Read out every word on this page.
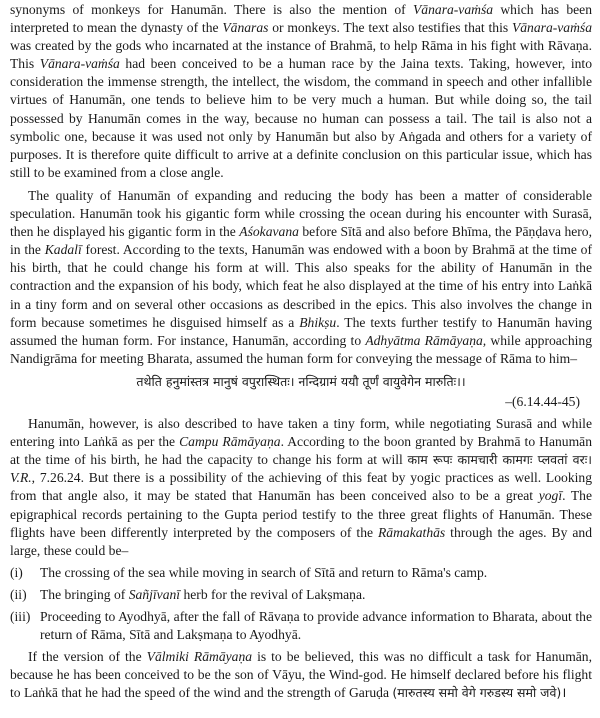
synonyms of monkeys for Hanumān. There is also the mention of Vānara-vaṁśa which has been interpreted to mean the dynasty of the Vānaras or monkeys. The text also testifies that this Vānara-vaṁśa was created by the gods who incarnated at the instance of Brahmā, to help Rāma in his fight with Rāvaṇa. This Vānara-vaṁśa had been conceived to be a human race by the Jaina texts. Taking, however, into consideration the immense strength, the intellect, the wisdom, the command in speech and other infallible virtues of Hanumān, one tends to believe him to be very much a human. But while doing so, the tail possessed by Hanumān comes in the way, because no human can possess a tail. The tail is also not a symbolic one, because it was used not only by Hanumān but also by Aṅgada and others for a variety of purposes. It is therefore quite difficult to arrive at a definite conclusion on this particular issue, which has still to be examined from a close angle.

The quality of Hanumān of expanding and reducing the body has been a matter of considerable speculation. Hanumān took his gigantic form while crossing the ocean during his encounter with Surasā, then he displayed his gigantic form in the Aśokavana before Sītā and also before Bhīma, the Pāṇḍava hero, in the Kadalī forest. According to the texts, Hanumān was endowed with a boon by Brahmā at the time of his birth, that he could change his form at will. This also speaks for the ability of Hanumān in the contraction and the expansion of his body, which feat he also displayed at the time of his entry into Laṅkā in a tiny form and on several other occasions as described in the epics. This also involves the change in form because sometimes he disguised himself as a Bhikṣu. The texts further testify to Hanumān having assumed the human form. For instance, Hanumān, according to Adhyātma Rāmāyaṇa, while approaching Nandigrāma for meeting Bharata, assumed the human form for conveying the message of Rāma to him–

तथेति हनुमांस्तत्र मानुषं वपुरास्थितः। नन्दिग्रामं ययौ तूर्णं वायुवेगेन मारुतिः।।

–(6.14.44-45)

Hanumān, however, is also described to have taken a tiny form, while negotiating Surasā and while entering into Laṅkā as per the Campu Rāmāyaṇa. According to the boon granted by Brahmā to Hanumān at the time of his birth, he had the capacity to change his form at will काम रूपः कामचारी कामगः प्लवतां वरः। V.R., 7.26.24. But there is a possibility of the achieving of this feat by yogic practices as well. Looking from that angle also, it may be stated that Hanumān has been conceived also to be a great yogī. The epigraphical records pertaining to the Gupta period testify to the three great flights of Hanumān. These flights have been differently interpreted by the composers of the Rāmakathās through the ages. By and large, these could be–

(i) The crossing of the sea while moving in search of Sītā and return to Rāma's camp.
(ii) The bringing of Sañjīvanī herb for the revival of Lakṣmaṇa.
(iii) Proceeding to Ayodhyā, after the fall of Rāvaṇa to provide advance information to Bharata, about the return of Rāma, Sītā and Lakṣmaṇa to Ayodhyā.

If the version of the Vālmiki Rāmāyaṇa is to be believed, this was no difficult a task for Hanumān, because he has been conceived to be the son of Vāyu, the Wind-god. He himself declared before his flight to Laṅkā that he had the speed of the wind and the strength of Garuḍa (मारुतस्य समो वेगे गरुडस्य समो जवे)।
